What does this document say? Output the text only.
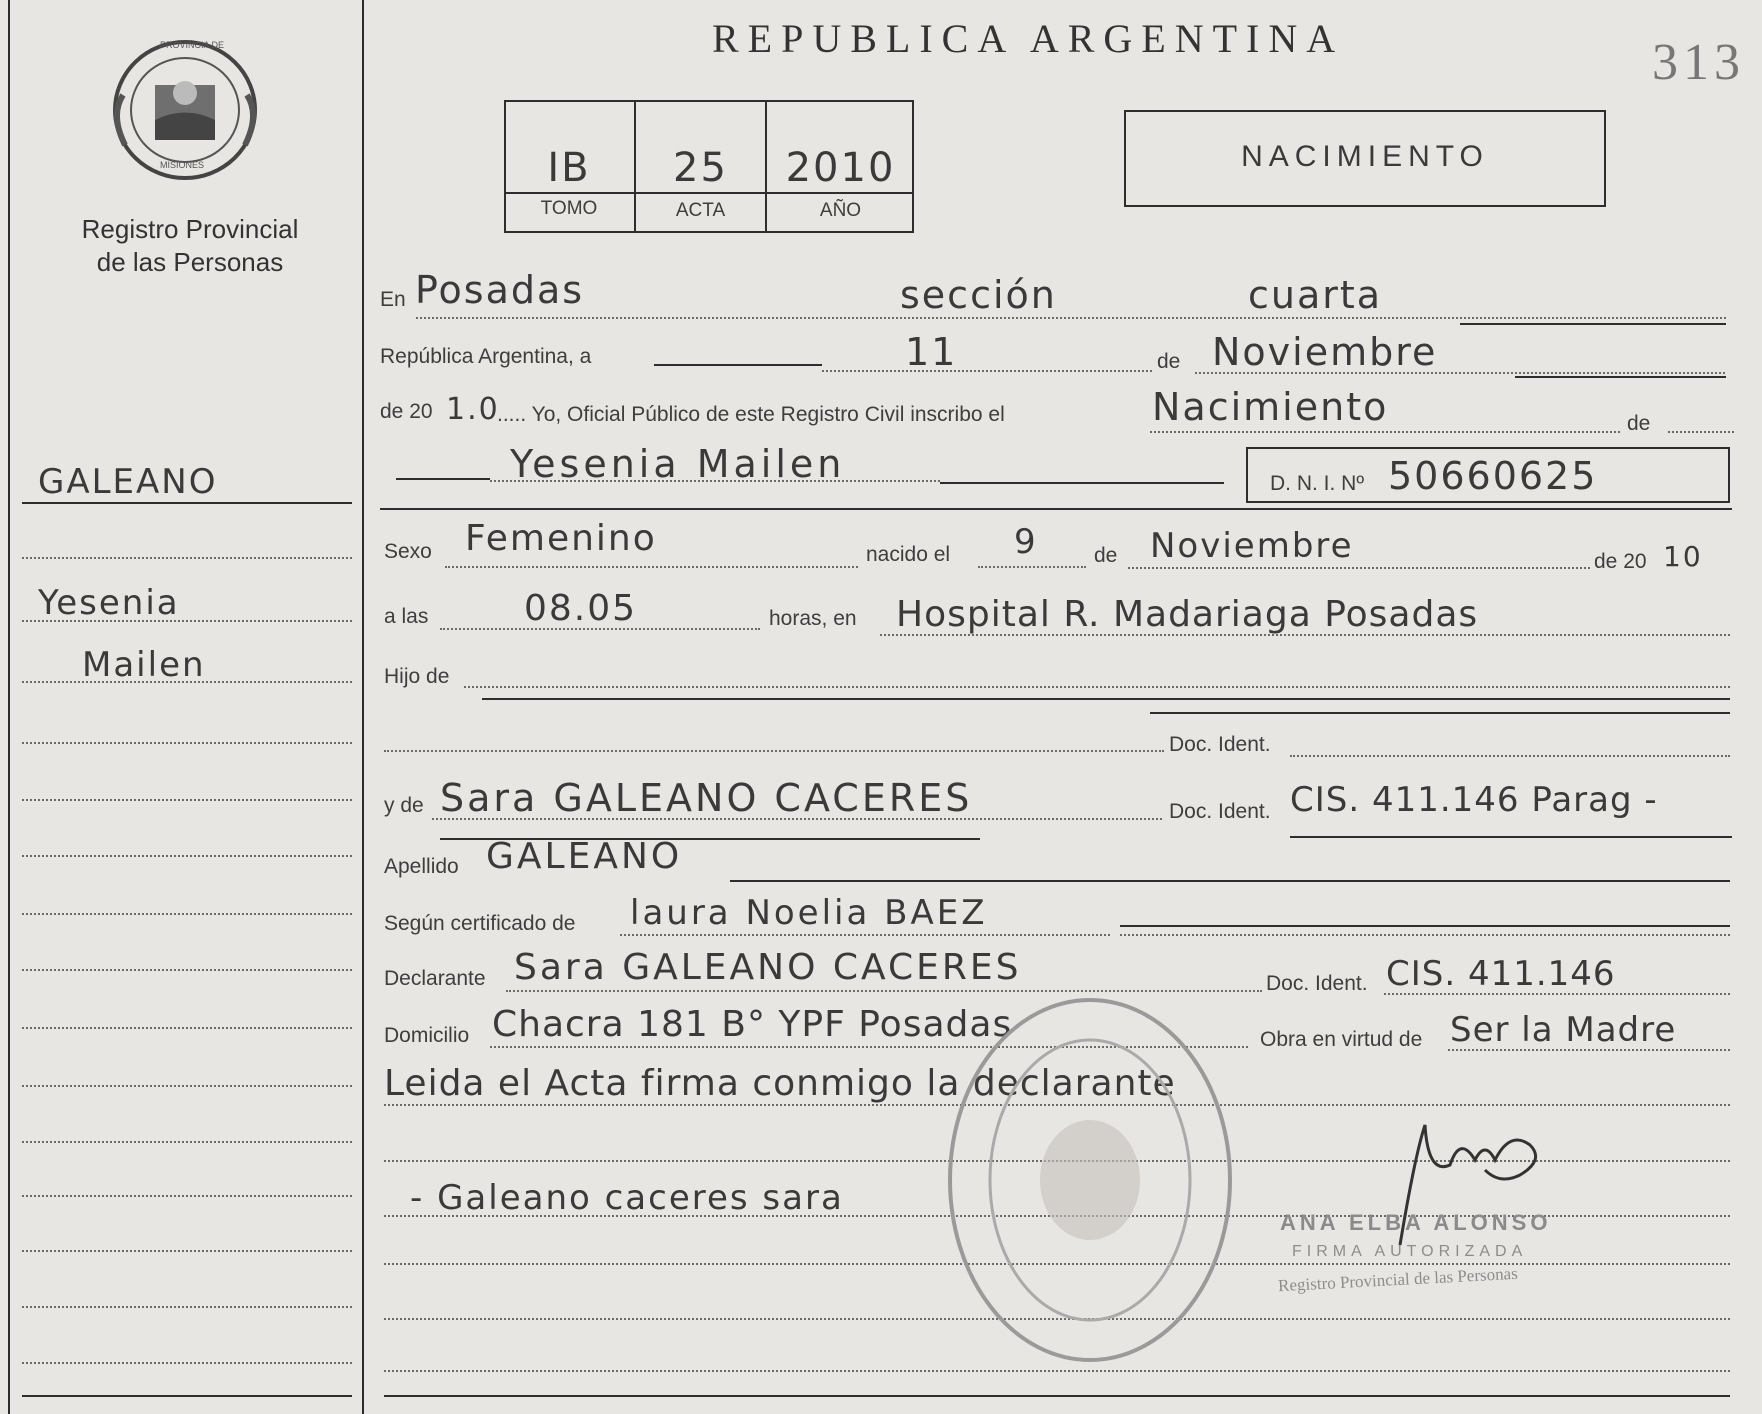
PROVINCIA DE
MISIONES
Registro Provincial
de las Personas
GALEANO
Yesenia
Mailen
REPUBLICA ARGENTINA	313
IB	25	2010
TOMO	ACTA	AÑO
NACIMIENTO
En Posadas	sección	cuarta
República Argentina, a	11	de Noviembre
de 20 1.0
..... Yo, Oficial Público de este Registro Civil inscribo el	Nacimiento	de
Yesenia Mailen	D. N. I. Nº 50660625
Sexo Femenino	nacido el 9	de Noviembre	de 20 10
a las	08.05	horas, en Hospital R. Madariaga Posadas
Hijo de
Doc. Ident.
y de Sara GALEANO CACERES	Doc. Ident. CIS. 411.146 Parag -
Apellido GALEANO
Según certificado de laura Noelia BAEZ
Declarante Sara GALEANO CACERES	Doc. Ident. CIS. 411.146
Domicilio Chacra 181 B° YPF Posadas	Obra en virtud de Ser la Madre
Leida el Acta firma conmigo la declarante
- Galeano caceres sara
ANA ELBA ALONSO
FIRMA AUTORIZADA
Registro Provincial de las Personas
